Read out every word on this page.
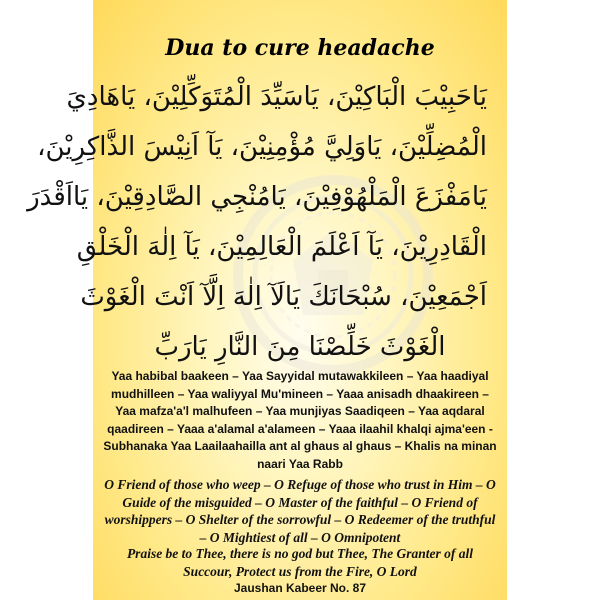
Dua to cure headache
يَاحَبِيْبَ الْبَاكِيْنَ، يَاسَيِّدَ الْمُتَوَكِّلِيْنَ، يَاهَادِيَ
الْمُضِلِّيْنَ، يَاوَلِيَّ مُؤْمِنِيْنَ، يَآ اَنِيْسَ الذَّاكِرِيْنَ،
يَامَفْزَعَ الْمَلْهُوْفِيْنَ، يَامُنْجِي الصَّادِقِيْنَ، يَااَقْدَرَ
الْقَادِرِيْنَ، يَآ اَعْلَمَ الْعَالِمِيْنَ، يَآ اِلٰهَ الْخَلْقِ
اَجْمَعِيْنَ، سُبْحَانَكَ يَالَآ اِلٰهَ اِلَّآ اَنْتَ الْغَوْثَ
الْغَوْثَ خَلِّصْنَا مِنَ النَّارِ يَارَبِّ
Yaa habibal baakeen – Yaa Sayyidal mutawakkileen – Yaa haadiyal mudhilleen – Yaa waliyyal Mu'mineen – Yaaa anisadh dhaakireen – Yaa mafza'a'l malhufeen – Yaa munjiyas Saadiqeen – Yaa aqdaral qaadireen – Yaaa a'alamal a'alameen – Yaaa ilaahil khalqi ajma'een - Subhanaka Yaa Laailaahailla ant al ghaus al ghaus – Khalis na minan naari Yaa Rabb
O Friend of those who weep – O Refuge of those who trust in Him – O Guide of the misguided – O Master of the faithful – O Friend of worshippers – O Shelter of the sorrowful – O Redeemer of the truthful – O Mightiest of all – O Omnipotent
Praise be to Thee, there is no god but Thee, The Granter of all Succour, Protect us from the Fire, O Lord
Jaushan Kabeer No. 87
